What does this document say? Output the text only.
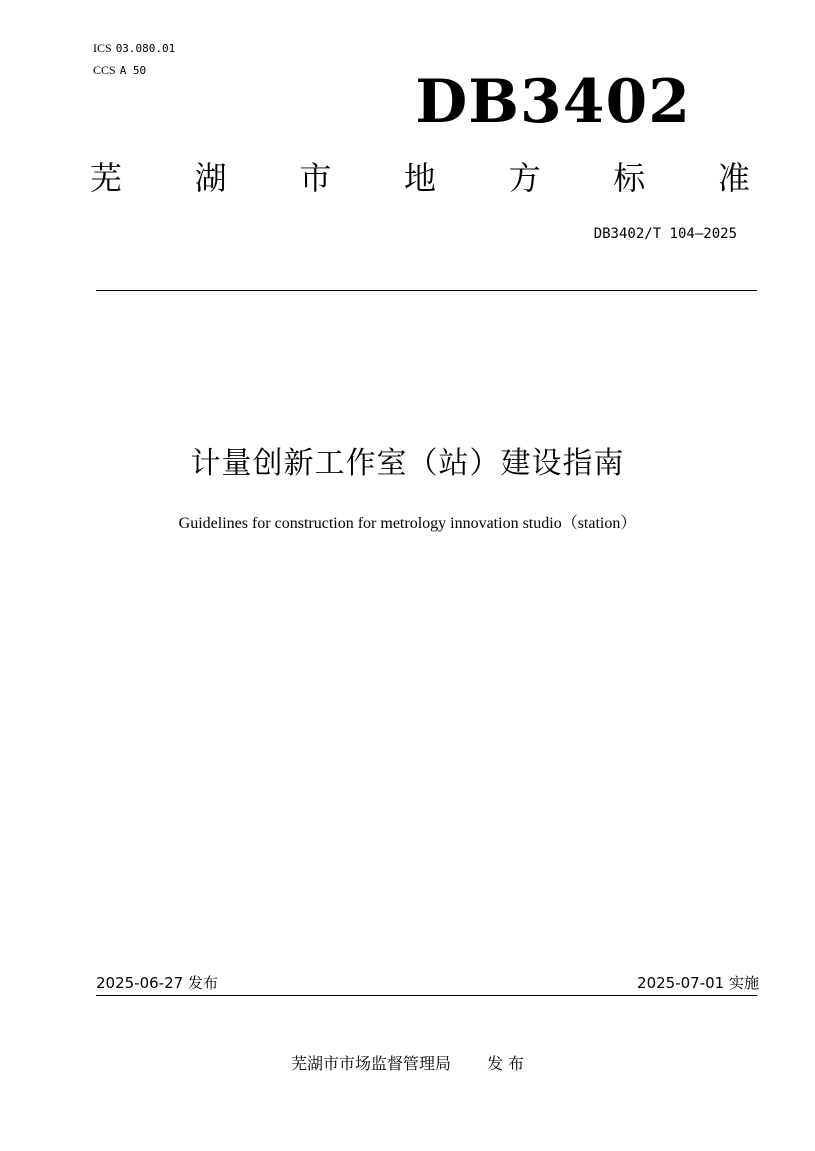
ICS 03.080.01
CCS A 50	DB3402
芜 湖 市 地 方 标 准
DB3402/T 104—2025
计量创新工作室（站）建设指南
Guidelines for construction for metrology innovation studio（station）
2025-06-27 发布	2025-07-01 实施
芜湖市市场监督管理局 发 布
